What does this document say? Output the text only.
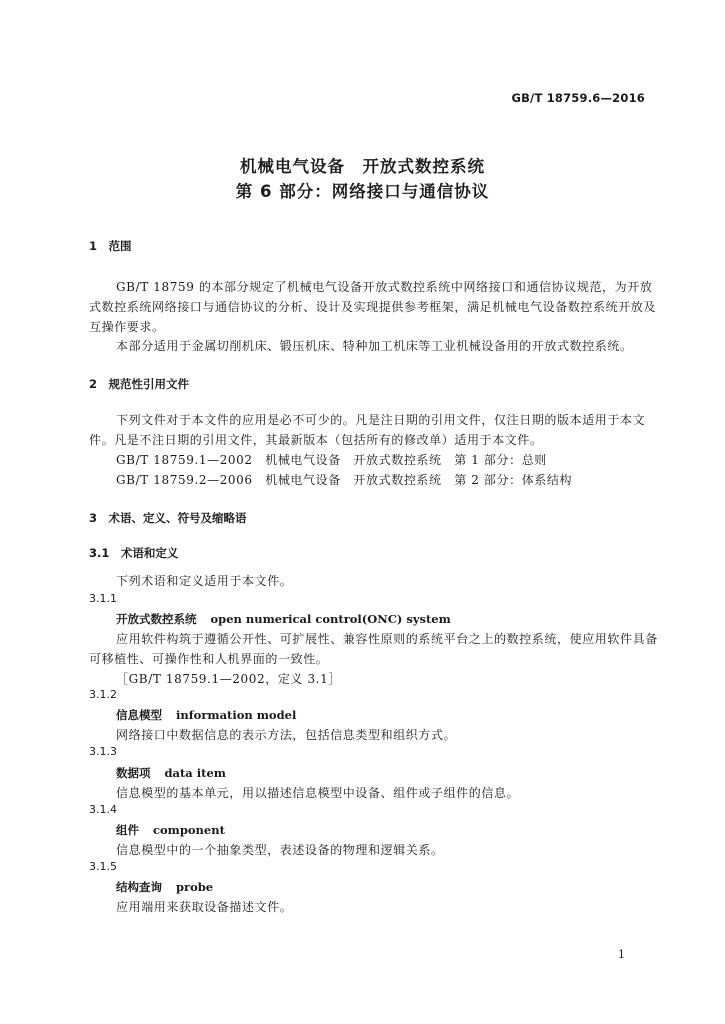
GB/T 18759.6—2016
机械电气设备　开放式数控系统
第 6 部分：网络接口与通信协议
1　范围
GB/T 18759 的本部分规定了机械电气设备开放式数控系统中网络接口和通信协议规范，为开放
式数控系统网络接口与通信协议的分析、设计及实现提供参考框架，满足机械电气设备数控系统开放及
互操作要求。
本部分适用于金属切削机床、锻压机床、特种加工机床等工业机械设备用的开放式数控系统。
2　规范性引用文件
下列文件对于本文件的应用是必不可少的。凡是注日期的引用文件，仅注日期的版本适用于本文
件。凡是不注日期的引用文件，其最新版本（包括所有的修改单）适用于本文件。
GB/T 18759.1—2002　机械电气设备　开放式数控系统　第 1 部分：总则
GB/T 18759.2—2006　机械电气设备　开放式数控系统　第 2 部分：体系结构
3　术语、定义、符号及缩略语
3.1　术语和定义
下列术语和定义适用于本文件。
3.1.1
开放式数控系统 open numerical control(ONC) system
应用软件构筑于遵循公开性、可扩展性、兼容性原则的系统平台之上的数控系统，使应用软件具备
可移植性、可操作性和人机界面的一致性。
［GB/T 18759.1—2002，定义 3.1］
3.1.2
信息模型 information model
网络接口中数据信息的表示方法，包括信息类型和组织方式。
3.1.3
数据项 data item
信息模型的基本单元，用以描述信息模型中设备、组件或子组件的信息。
3.1.4
组件 component
信息模型中的一个抽象类型，表述设备的物理和逻辑关系。
3.1.5
结构查询 probe
应用端用来获取设备描述文件。
1
